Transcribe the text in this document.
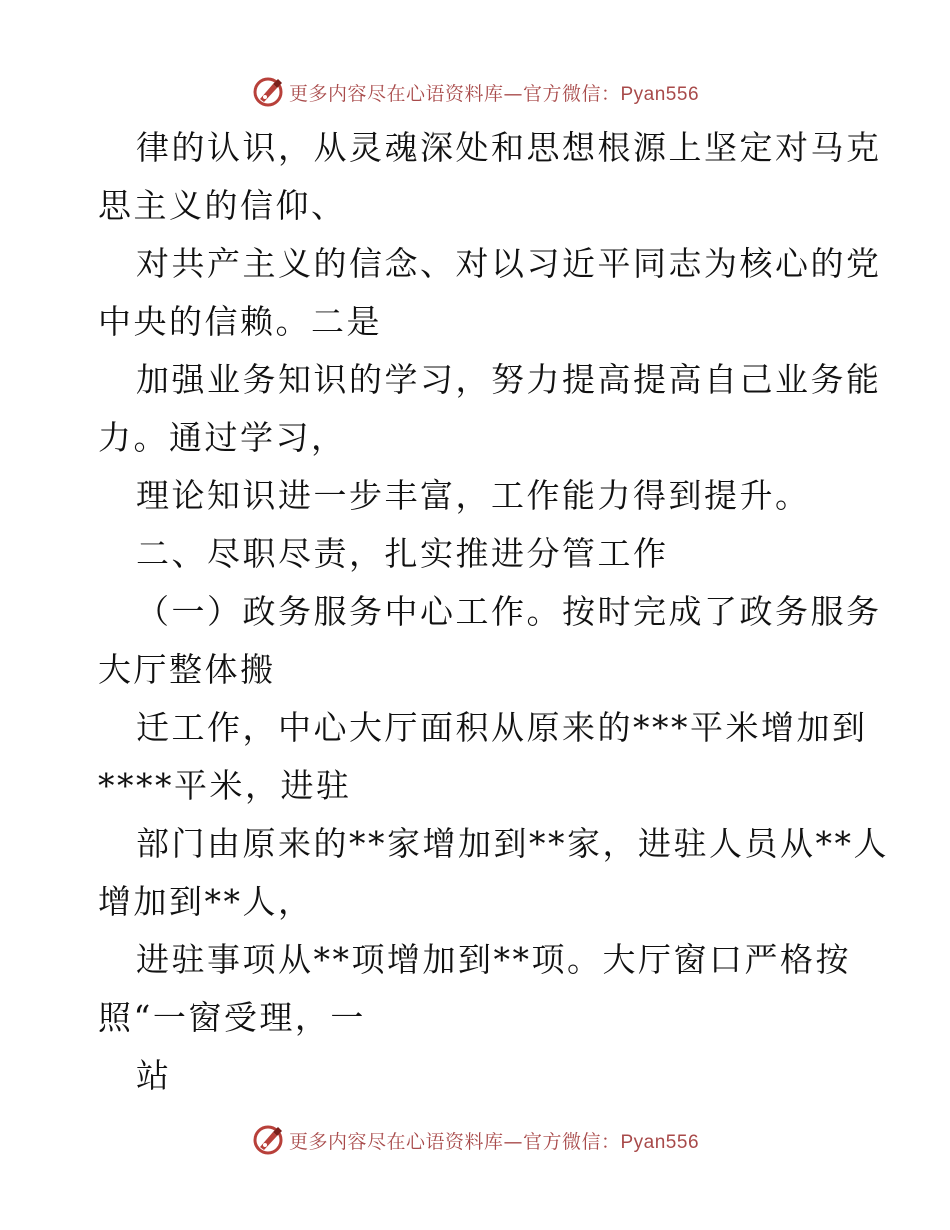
更多内容尽在心语资料库—官方微信：Pyan556
律的认识，从灵魂深处和思想根源上坚定对马克
思主义的信仰、
对共产主义的信念、对以习近平同志为核心的党
中央的信赖。二是
加强业务知识的学习，努力提高提高自己业务能
力。通过学习，
理论知识进一步丰富，工作能力得到提升。
二、尽职尽责，扎实推进分管工作
（一）政务服务中心工作。按时完成了政务服务
大厅整体搬
迁工作，中心大厅面积从原来的***平米增加到
****平米，进驻
部门由原来的**家增加到**家，进驻人员从**人
增加到**人，
进驻事项从**项增加到**项。大厅窗口严格按
照“一窗受理，一
站
更多内容尽在心语资料库—官方微信：Pyan556
